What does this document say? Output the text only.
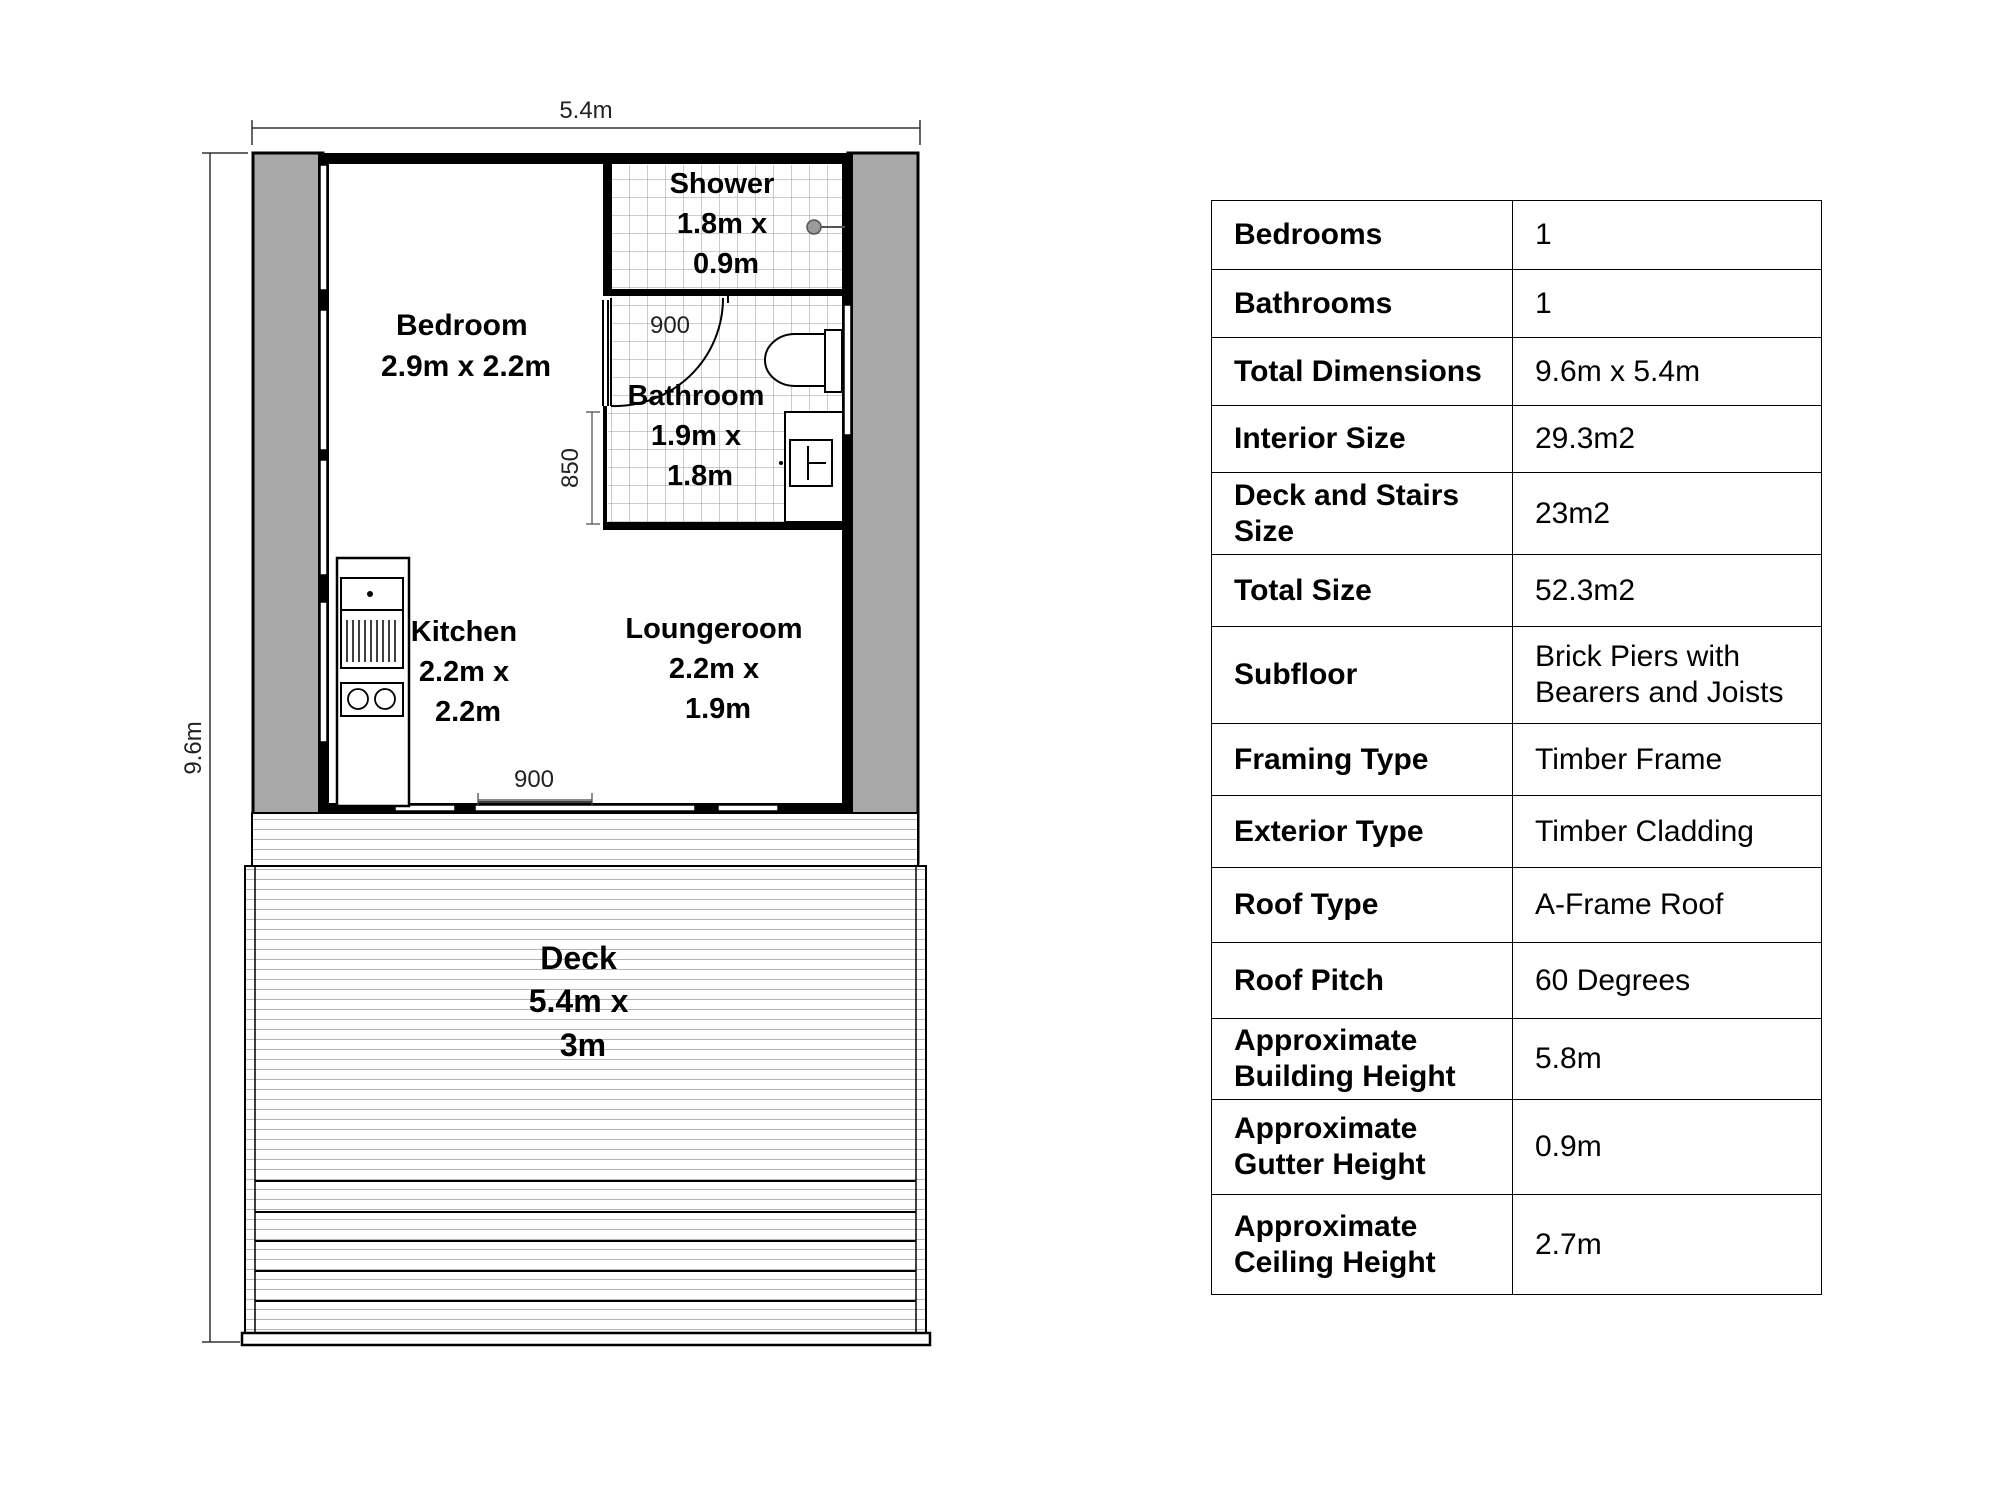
5.4m
9.6m
850
900
900
Shower 1.8m x 0.9m
Bedroom 2.9m x 2.2m
Bathroom 1.9m x 1.8m
Kitchen 2.2m x 2.2m
Loungeroom 2.2m x 1.9m
Deck 5.4m x 3m
Bedrooms	1
Bathrooms	1
Total Dimensions	9.6m x 5.4m
Interior Size	29.3m2
Deck and Stairs Size	23m2
Total Size	52.3m2
Subfloor	Brick Piers with Bearers and Joists
Framing Type	Timber Frame
Exterior Type	Timber Cladding
Roof Type	A-Frame Roof
Roof Pitch	60 Degrees
Approximate Building Height	5.8m
Approximate Gutter Height	0.9m
Approximate Ceiling Height	2.7m
